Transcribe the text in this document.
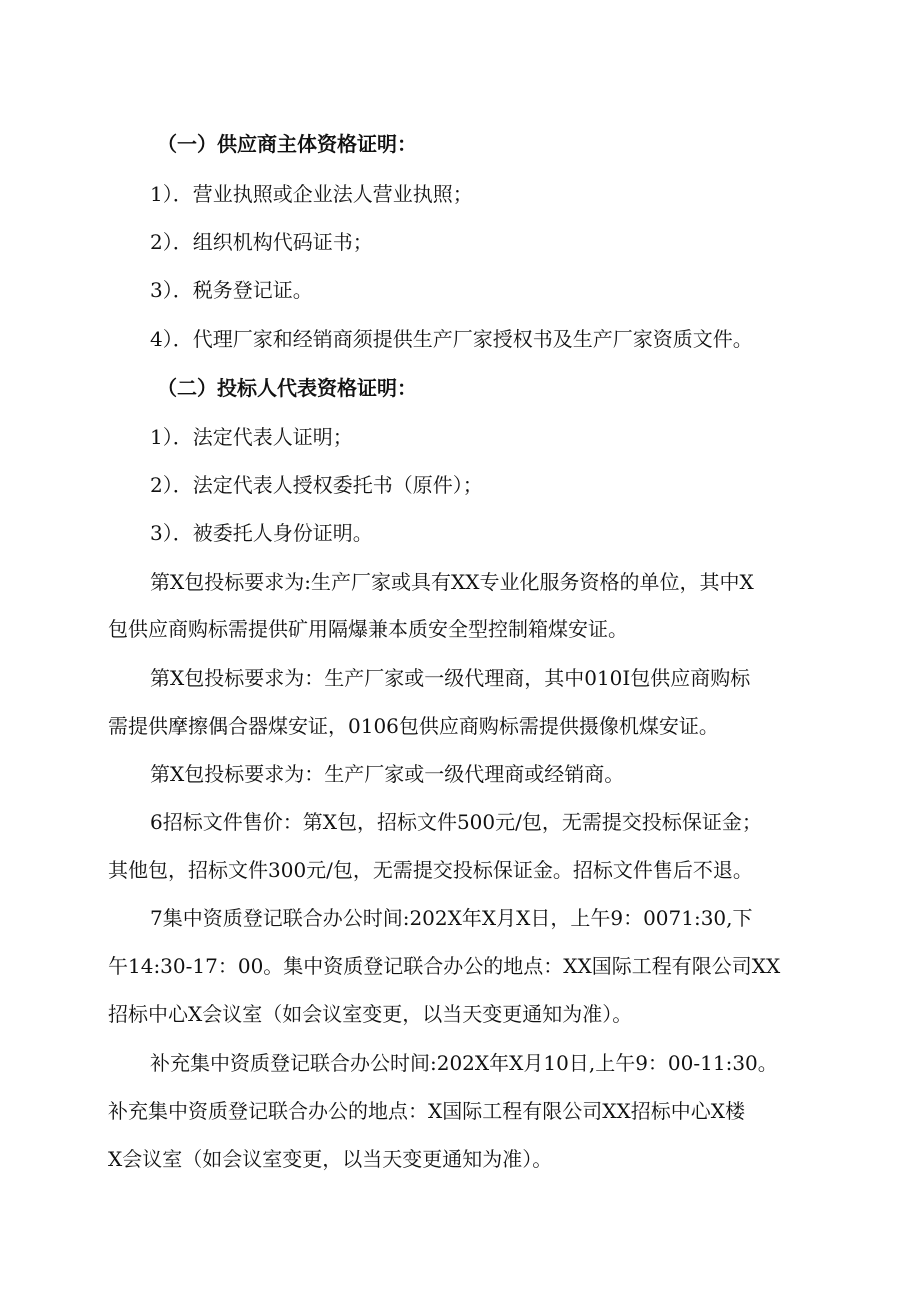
（一）供应商主体资格证明：
1）．营业执照或企业法人营业执照；
2）．组织机构代码证书；
3）．税务登记证。
4）．代理厂家和经销商须提供生产厂家授权书及生产厂家资质文件。
（二）投标人代表资格证明：
1）．法定代表人证明；
2）．法定代表人授权委托书（原件）；
3）．被委托人身份证明。
第X包投标要求为:生产厂家或具有XX专业化服务资格的单位，其中X
包供应商购标需提供矿用隔爆兼本质安全型控制箱煤安证。
第X包投标要求为：生产厂家或一级代理商，其中010I包供应商购标
需提供摩擦偶合器煤安证，0106包供应商购标需提供摄像机煤安证。
第X包投标要求为：生产厂家或一级代理商或经销商。
6招标文件售价：第X包，招标文件500元/包，无需提交投标保证金；
其他包，招标文件300元/包，无需提交投标保证金。招标文件售后不退。
7集中资质登记联合办公时间:202X年X月X日，上午9：0071:30,下
午14:30-17：00。集中资质登记联合办公的地点：XX国际工程有限公司XX
招标中心X会议室（如会议室变更，以当天变更通知为准）。
补充集中资质登记联合办公时间:202X年X月10日,上午9：00-11:30。
补充集中资质登记联合办公的地点：X国际工程有限公司XX招标中心X楼
X会议室（如会议室变更，以当天变更通知为准）。
